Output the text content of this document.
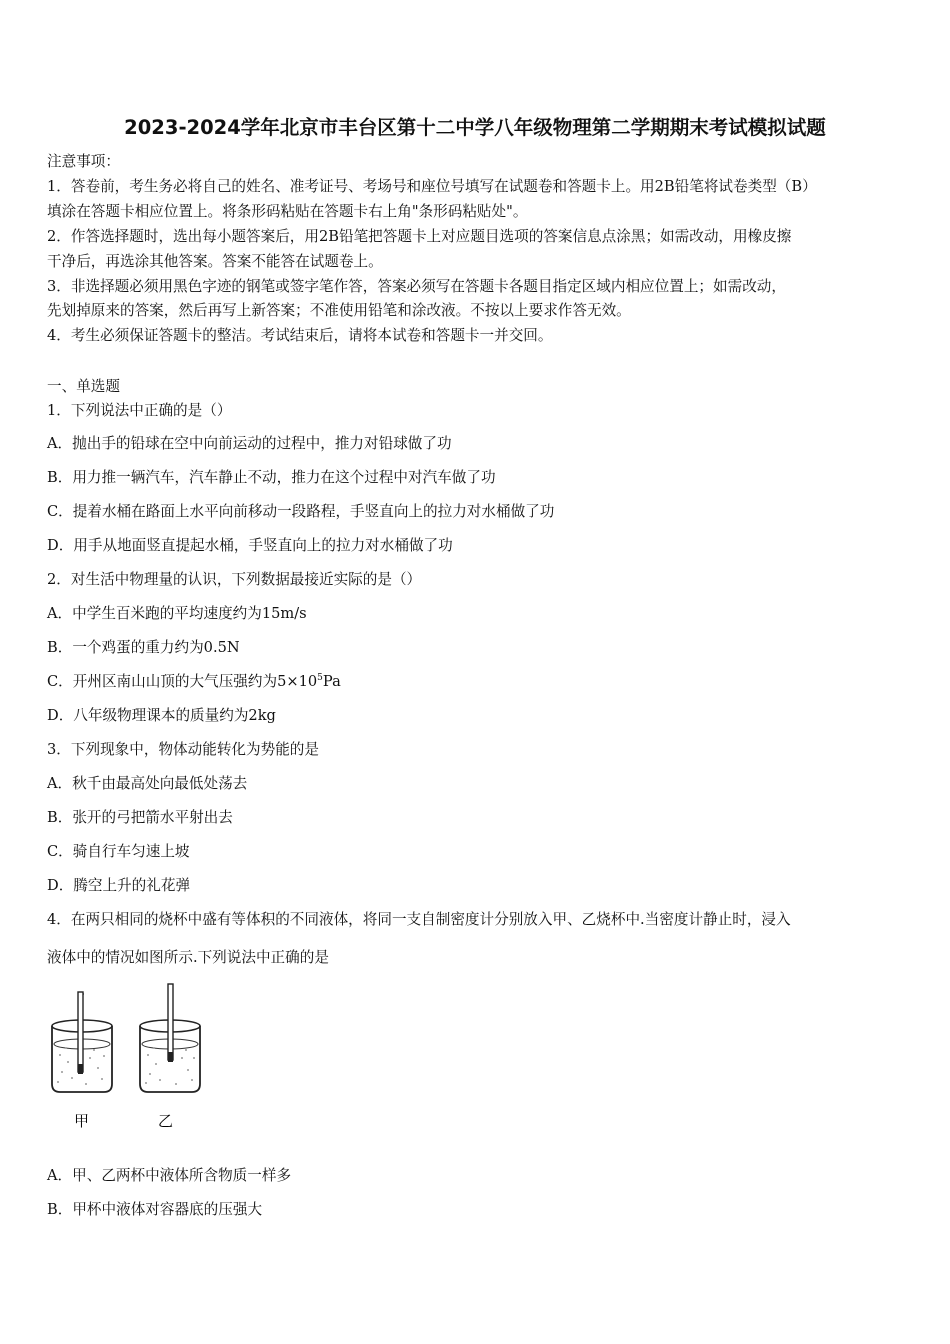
2023-2024学年北京市丰台区第十二中学八年级物理第二学期期末考试模拟试题
注意事项：
1．答卷前，考生务必将自己的姓名、准考证号、考场号和座位号填写在试题卷和答题卡上。用2B铅笔将试卷类型（B）
填涂在答题卡相应位置上。将条形码粘贴在答题卡右上角"条形码粘贴处"。
2．作答选择题时，选出每小题答案后，用2B铅笔把答题卡上对应题目选项的答案信息点涂黑；如需改动，用橡皮擦
干净后，再选涂其他答案。答案不能答在试题卷上。
3．非选择题必须用黑色字迹的钢笔或签字笔作答，答案必须写在答题卡各题目指定区域内相应位置上；如需改动，
先划掉原来的答案，然后再写上新答案；不准使用铅笔和涂改液。不按以上要求作答无效。
4．考生必须保证答题卡的整洁。考试结束后，请将本试卷和答题卡一并交回。
一、单选题
1．下列说法中正确的是（）
A．抛出手的铅球在空中向前运动的过程中，推力对铅球做了功
B．用力推一辆汽车，汽车静止不动，推力在这个过程中对汽车做了功
C．提着水桶在路面上水平向前移动一段路程，手竖直向上的拉力对水桶做了功
D．用手从地面竖直提起水桶，手竖直向上的拉力对水桶做了功
2．对生活中物理量的认识，下列数据最接近实际的是（）
A．中学生百米跑的平均速度约为15m/s
B．一个鸡蛋的重力约为0.5N
C．开州区南山山顶的大气压强约为$5\times 10^5Pa$
D．八年级物理课本的质量约为2kg
3．下列现象中，物体动能转化为势能的是
A．秋千由最高处向最低处荡去
B．张开的弓把箭水平射出去
C．骑自行车匀速上坡
D．腾空上升的礼花弹
4．在两只相同的烧杯中盛有等体积的不同液体，将同一支自制密度计分别放入甲、乙烧杯中.当密度计静止时，浸入
液体中的情况如图所示.下列说法中正确的是
甲	乙
A．甲、乙两杯中液体所含物质一样多
B．甲杯中液体对容器底的压强大
